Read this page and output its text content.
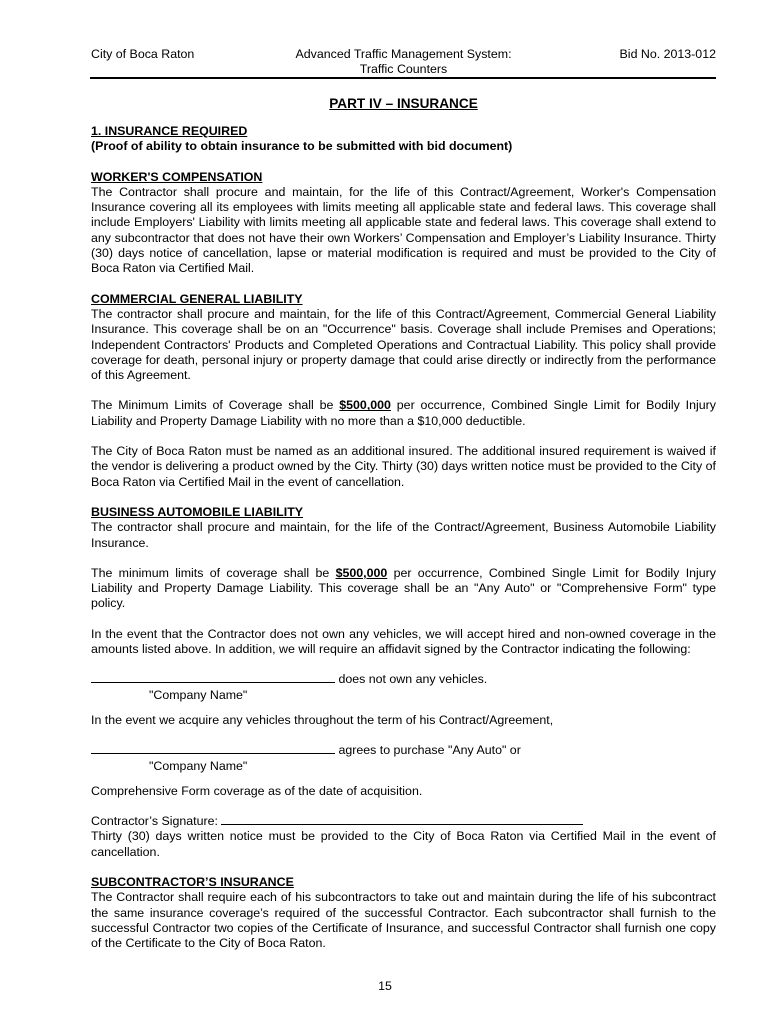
City of Boca Raton	Advanced Traffic Management System:
Traffic Counters
Bid No. 2013-012
PART IV – INSURANCE

1. INSURANCE REQUIRED

(Proof of ability to obtain insurance to be submitted with bid document)

WORKER'S COMPENSATION

The Contractor shall procure and maintain, for the life of this Contract/Agreement, Worker's Compensation Insurance covering all its employees with limits meeting all applicable state and federal laws. This coverage shall include Employers' Liability with limits meeting all applicable state and federal laws. This coverage shall extend to any subcontractor that does not have their own Workers’ Compensation and Employer’s Liability Insurance. Thirty (30) days notice of cancellation, lapse or material modification is required and must be provided to the City of Boca Raton via Certified Mail.

COMMERCIAL GENERAL LIABILITY

The contractor shall procure and maintain, for the life of this Contract/Agreement, Commercial General Liability Insurance. This coverage shall be on an "Occurrence" basis. Coverage shall include Premises and Operations; Independent Contractors' Products and Completed Operations and Contractual Liability. This policy shall provide coverage for death, personal injury or property damage that could arise directly or indirectly from the performance of this Agreement.

The Minimum Limits of Coverage shall be $500,000 per occurrence, Combined Single Limit for Bodily Injury Liability and Property Damage Liability with no more than a $10,000 deductible.

The City of Boca Raton must be named as an additional insured. The additional insured requirement is waived if the vendor is delivering a product owned by the City. Thirty (30) days written notice must be provided to the City of Boca Raton via Certified Mail in the event of cancellation.

BUSINESS AUTOMOBILE LIABILITY

The contractor shall procure and maintain, for the life of the Contract/Agreement, Business Automobile Liability Insurance.

The minimum limits of coverage shall be $500,000 per occurrence, Combined Single Limit for Bodily Injury Liability and Property Damage Liability. This coverage shall be an "Any Auto" or "Comprehensive Form" type policy.

In the event that the Contractor does not own any vehicles, we will accept hired and non-owned coverage in the amounts listed above. In addition, we will require an affidavit signed by the Contractor indicating the following:

does not own any vehicles.

"Company Name"

In the event we acquire any vehicles throughout the term of his Contract/Agreement,

agrees to purchase "Any Auto" or

"Company Name"

Comprehensive Form coverage as of the date of acquisition.

Contractor’s Signature:

Thirty (30) days written notice must be provided to the City of Boca Raton via Certified Mail in the event of cancellation.

SUBCONTRACTOR’S INSURANCE

The Contractor shall require each of his subcontractors to take out and maintain during the life of his subcontract the same insurance coverage’s required of the successful Contractor. Each subcontractor shall furnish to the successful Contractor two copies of the Certificate of Insurance, and successful Contractor shall furnish one copy of the Certificate to the City of Boca Raton.

15
